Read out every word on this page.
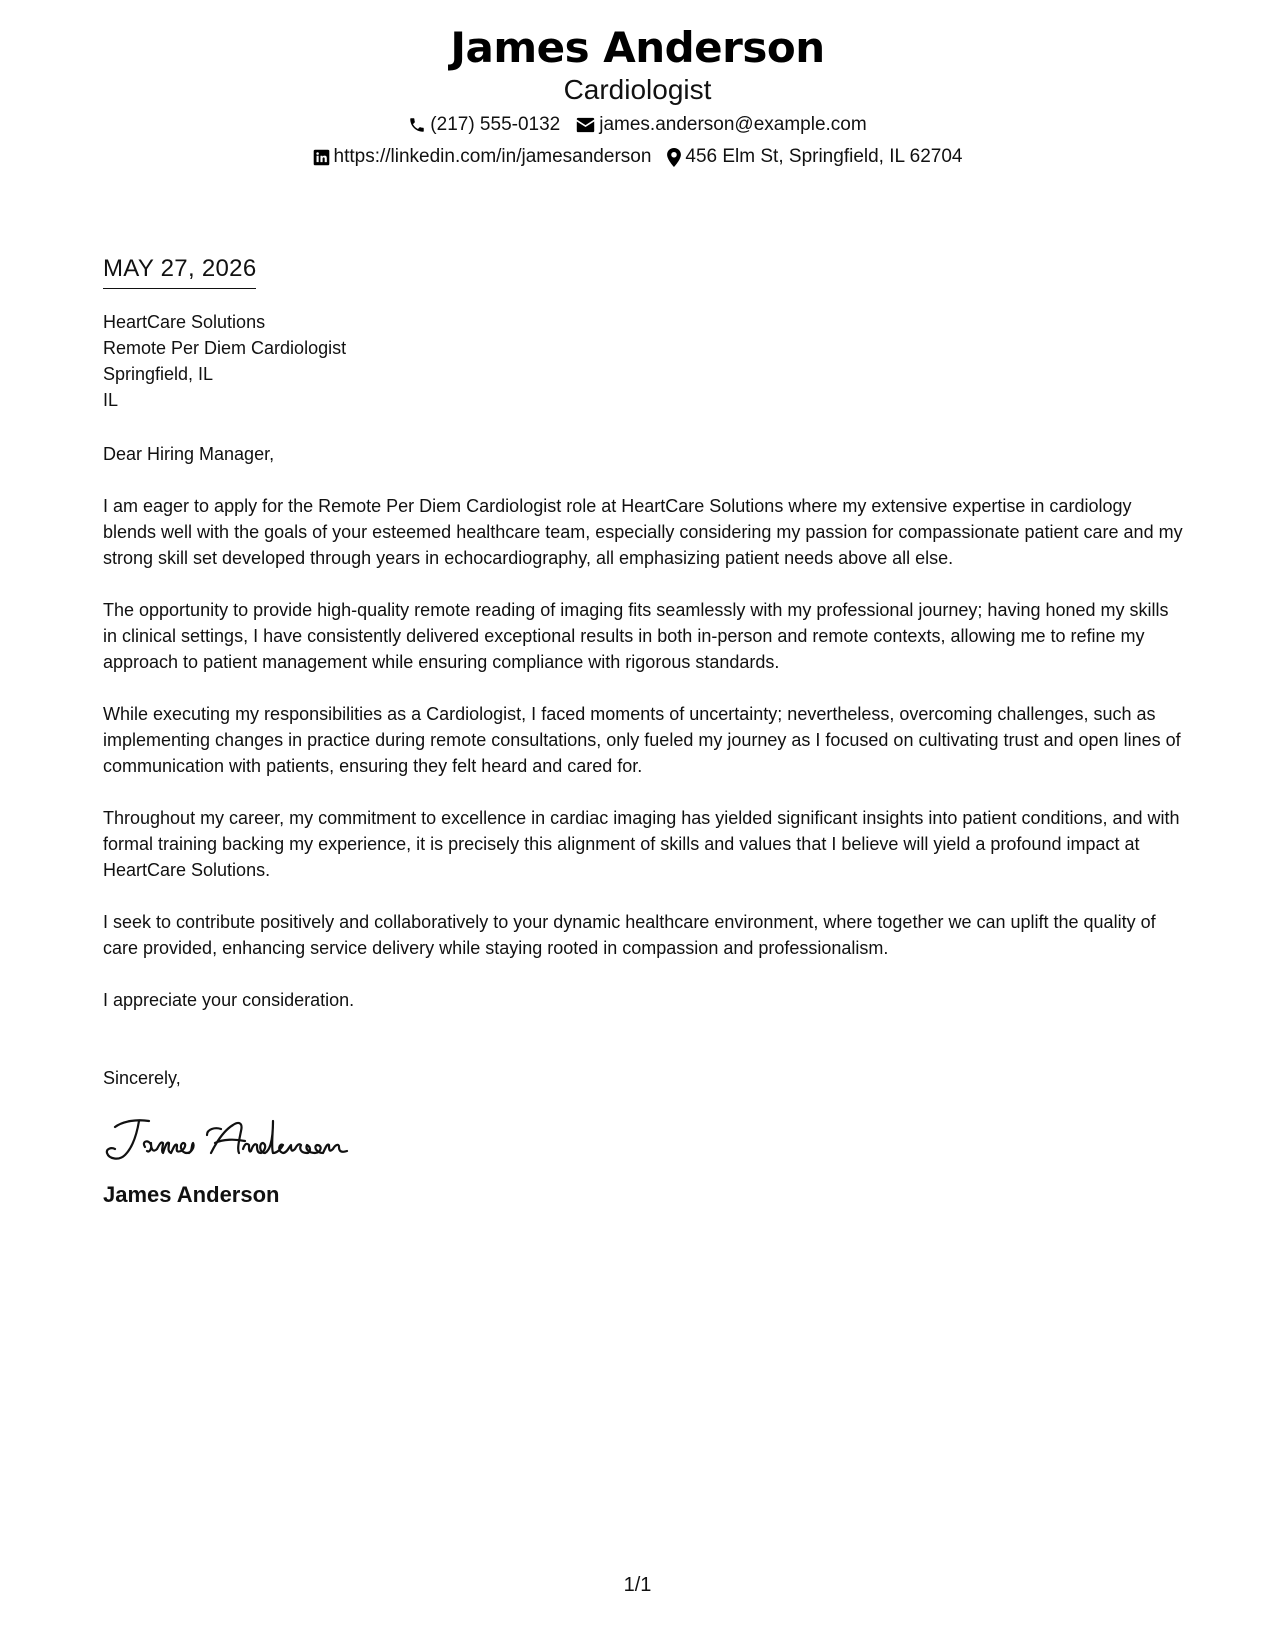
James Anderson
Cardiologist
(217) 555-0132 james.anderson@example.com
https://linkedin.com/in/jamesanderson 456 Elm St, Springfield, IL 62704
MAY 27, 2026
HeartCare Solutions
Remote Per Diem Cardiologist
Springfield, IL
IL
Dear Hiring Manager,
I am eager to apply for the Remote Per Diem Cardiologist role at HeartCare Solutions where my extensive expertise in cardiology blends well with the goals of your esteemed healthcare team, especially considering my passion for compassionate patient care and my strong skill set developed through years in echocardiography, all emphasizing patient needs above all else.
The opportunity to provide high-quality remote reading of imaging fits seamlessly with my professional journey; having honed my skills in clinical settings, I have consistently delivered exceptional results in both in-person and remote contexts, allowing me to refine my approach to patient management while ensuring compliance with rigorous standards.
While executing my responsibilities as a Cardiologist, I faced moments of uncertainty; nevertheless, overcoming challenges, such as implementing changes in practice during remote consultations, only fueled my journey as I focused on cultivating trust and open lines of communication with patients, ensuring they felt heard and cared for.
Throughout my career, my commitment to excellence in cardiac imaging has yielded significant insights into patient conditions, and with formal training backing my experience, it is precisely this alignment of skills and values that I believe will yield a profound impact at HeartCare Solutions.
I seek to contribute positively and collaboratively to your dynamic healthcare environment, where together we can uplift the quality of care provided, enhancing service delivery while staying rooted in compassion and professionalism.
I appreciate your consideration.
Sincerely,
James Anderson
1/1
